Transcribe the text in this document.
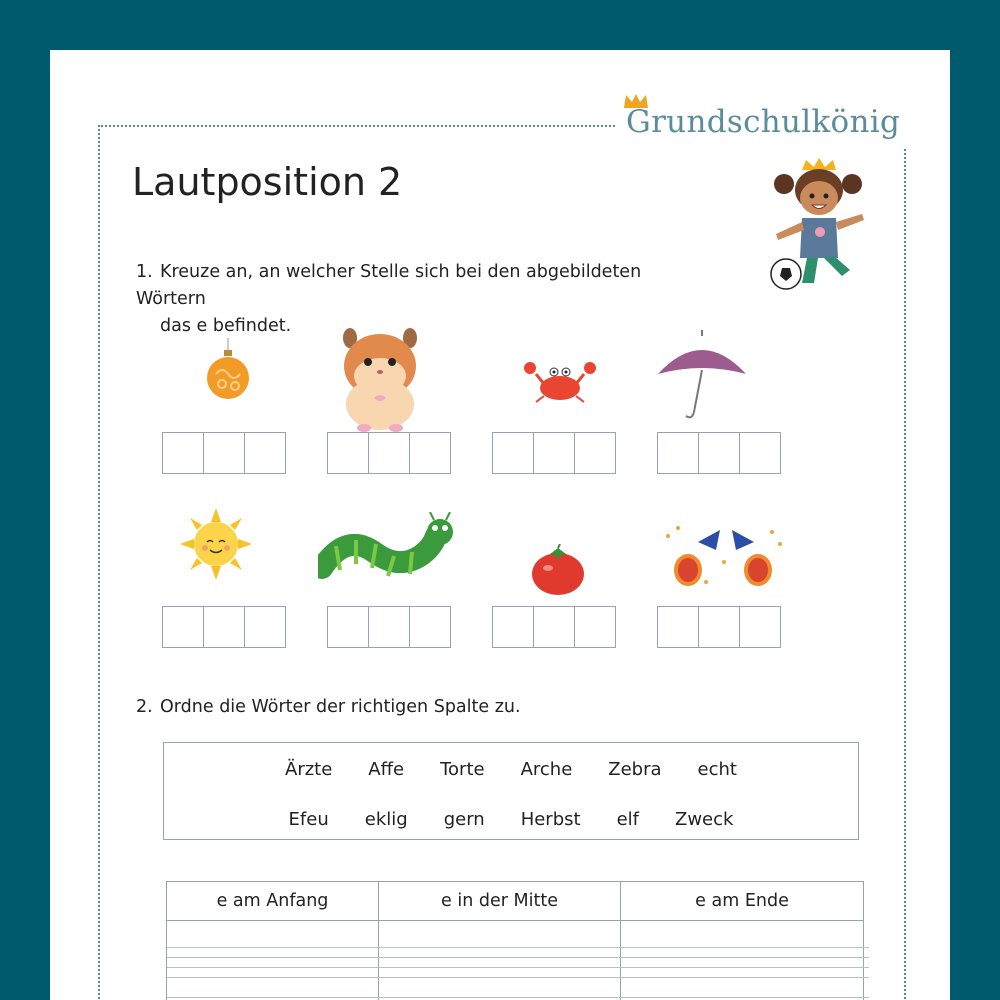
Grundschulkönig
Lautposition 2
1. Kreuze an, an welcher Stelle sich bei den abgebildeten Wörtern
das e befindet.
2. Ordne die Wörter der richtigen Spalte zu.
Ärzte Affe Torte Arche Zebra echt
Efeu eklig gern Herbst elf Zweck
e am Anfang	e in der Mitte	e am Ende
